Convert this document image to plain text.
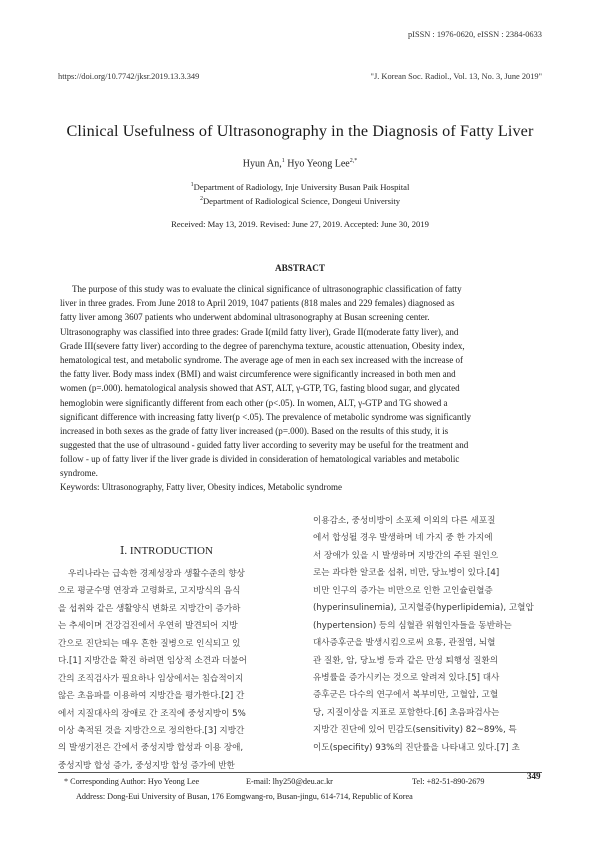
pISSN : 1976-0620, eISSN : 2384-0633
https://doi.org/10.7742/jksr.2019.13.3.349	"J. Korean Soc. Radiol., Vol. 13, No. 3, June 2019"
Clinical Usefulness of Ultrasonography in the Diagnosis of Fatty Liver
Hyun An,$^1$ Hyo Yeong Lee$^{2,*}$
$^1$Department of Radiology, Inje University Busan Paik Hospital
$^2$Department of Radiological Science, Dongeui University
Received: May 13, 2019. Revised: June 27, 2019. Accepted: June 30, 2019
ABSTRACT
The purpose of this study was to evaluate the clinical significance of ultrasonographic classification of fatty
liver in three grades. From June 2018 to April 2019, 1047 patients (818 males and 229 females) diagnosed as
fatty liver among 3607 patients who underwent abdominal ultrasonography at Busan screening center.
Ultrasonography was classified into three grades: Grade I(mild fatty liver), Grade II(moderate fatty liver), and
Grade III(severe fatty liver) according to the degree of parenchyma texture, acoustic attenuation, Obesity index,
hematological test, and metabolic syndrome. The average age of men in each sex increased with the increase of
the fatty liver. Body mass index (BMI) and waist circumference were significantly increased in both men and
women (p=.000). hematological analysis showed that AST, ALT, γ-GTP, TG, fasting blood sugar, and glycated
hemoglobin were significantly different from each other (p<.05). In women, ALT, γ-GTP and TG showed a
significant difference with increasing fatty liver(p <.05). The prevalence of metabolic syndrome was significantly
increased in both sexes as the grade of fatty liver increased (p=.000). Based on the results of this study, it is
suggested that the use of ultrasound - guided fatty liver according to severity may be useful for the treatment and
follow - up of fatty liver if the liver grade is divided in consideration of hematological variables and metabolic
syndrome.
Keywords: Ultrasonography, Fatty liver, Obesity indices, Metabolic syndrome
Ⅰ. INTRODUCTION
우리나라는 급속한 경제성장과 생활수준의 향상
으로 평균수명 연장과 고령화로, 고지방식의 음식
을 섭취와 같은 생활양식 변화로 지방간이 증가하
는 추세이며 건강검진에서 우연히 발견되어 지방
간으로 진단되는 매우 흔한 질병으로 인식되고 있
다.[1] 지방간을 확진 하려면 임상적 소견과 더불어
간의 조직검사가 필요하나 임상에서는 침습적이지
않은 초음파를 이용하여 지방간을 평가한다.[2] 간
에서 지질대사의 장애로 간 조직에 중성지방이 5%
이상 축적된 것을 지방간으로 정의한다.[3] 지방간
의 발생기전은 간에서 중성지방 합성과 이용 장애,
중성지방 합성 증가, 중성지방 합성 증가에 반한
이용감소, 중성비방이 소포체 이외의 다른 세포질
에서 합성될 경우 발생하며 네 가지 중 한 가지에
서 장애가 있을 시 발생하며 지방간의 주된 원인으
로는 과다한 알코올 섭취, 비만, 당뇨병이 있다.[4]
비만 인구의 증가는 비만으로 인한 고인슐린혈증
(hyperinsulinemia), 고지혈증(hyperlipidemia), 고혈압
(hypertension) 등의 심혈관 위험인자들을 동반하는
대사증후군을 발생시킴으로써 요통, 관절염, 뇌혈
관 질환, 암, 당뇨병 등과 같은 만성 퇴행성 질환의
유병률을 증가시키는 것으로 알려져 있다.[5] 대사
증후군은 다수의 연구에서 복부비만, 고혈압, 고혈
당, 지질이상을 지표로 포함한다.[6] 초음파검사는
지방간 진단에 있어 민감도(sensitivity) 82~89%, 특
이도(specifity) 93%의 진단률을 나타내고 있다.[7] 초
* Corresponding Author: Hyo Yeong Lee	E-mail: lhy250@deu.ac.kr	Tel: +82-51-890-2679
349
Address: Dong-Eui University of Busan, 176 Eomgwang-ro, Busan-jingu, 614-714, Republic of Korea
